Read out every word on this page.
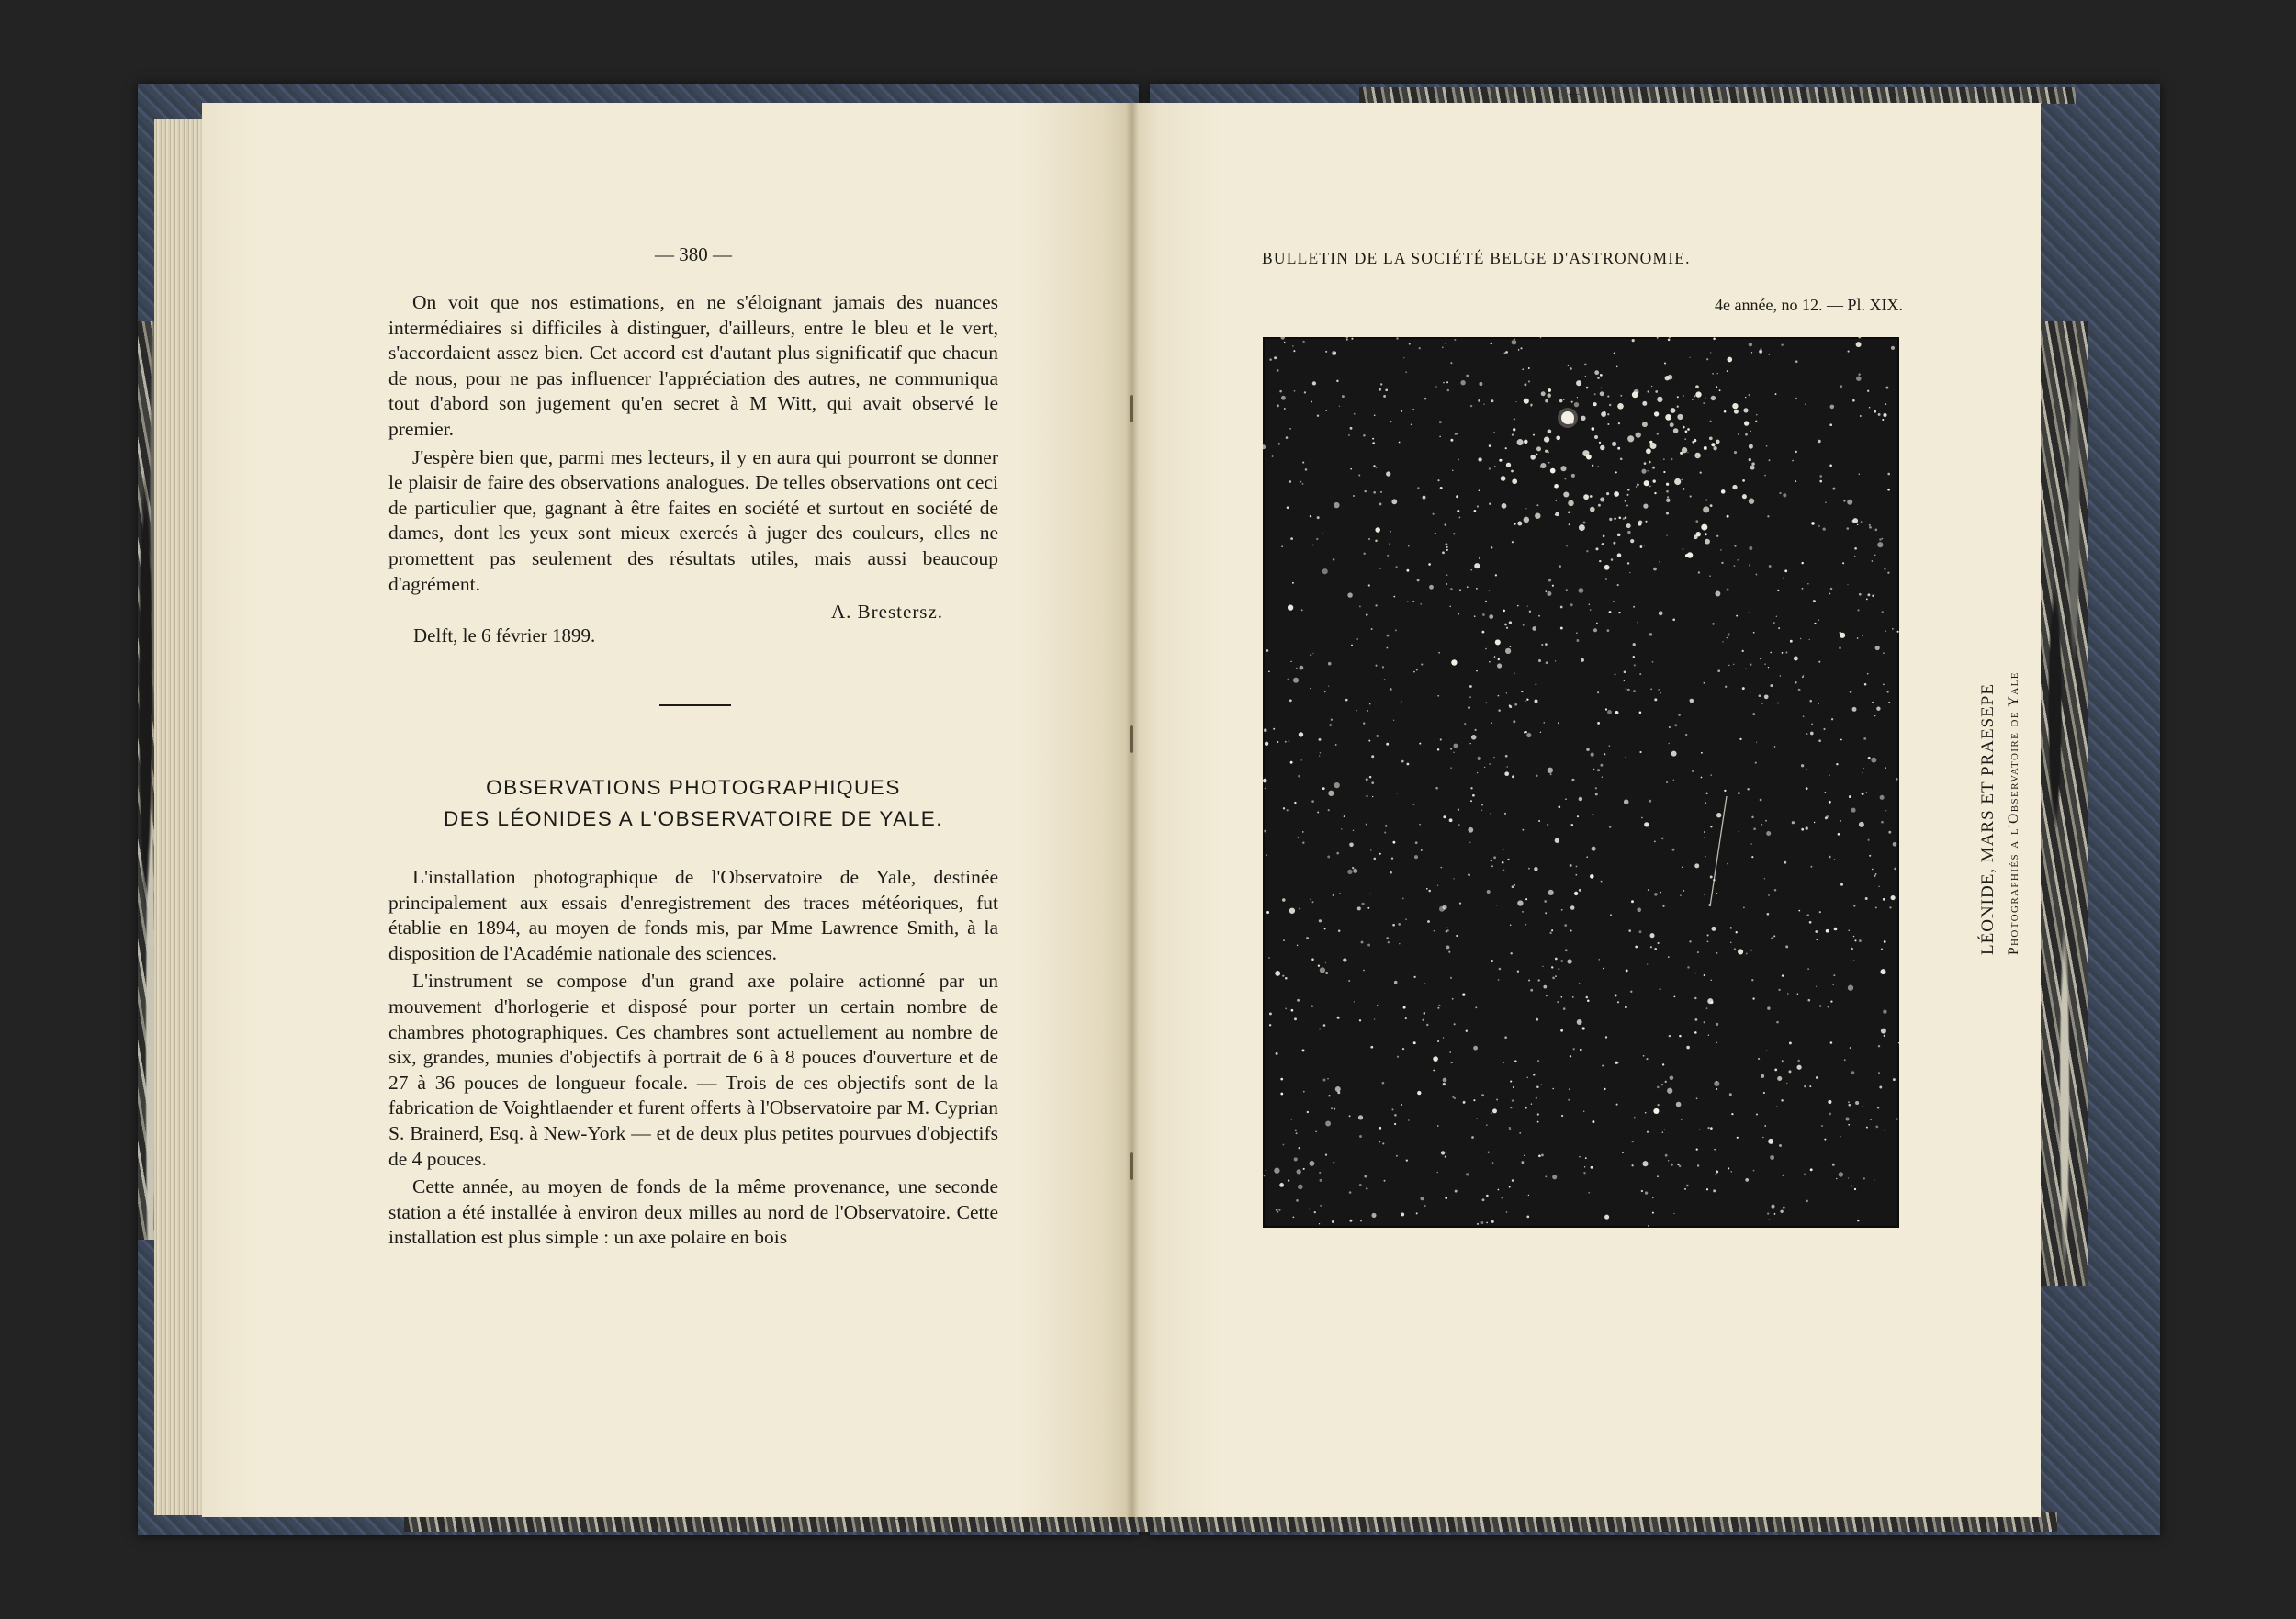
— 380 —

On voit que nos estimations, en ne s'éloignant jamais des nuances intermédiaires si difficiles à distinguer, d'ailleurs, entre le bleu et le vert, s'accordaient assez bien. Cet accord est d'autant plus significatif que chacun de nous, pour ne pas influencer l'appréciation des autres, ne communiqua tout d'abord son jugement qu'en secret à M Witt, qui avait observé le premier.

J'espère bien que, parmi mes lecteurs, il y en aura qui pourront se donner le plaisir de faire des observations analogues. De telles observations ont ceci de particulier que, gagnant à être faites en société et surtout en société de dames, dont les yeux sont mieux exercés à juger des couleurs, elles ne promettent pas seulement des résultats utiles, mais aussi beaucoup d'agrément.

A. Brestersz.
Delft, le 6 février 1899.
OBSERVATIONS PHOTOGRAPHIQUES
DES LÉONIDES A L'OBSERVATOIRE DE YALE.

L'installation photographique de l'Observatoire de Yale, destinée principalement aux essais d'enregistrement des traces météoriques, fut établie en 1894, au moyen de fonds mis, par Mme Lawrence Smith, à la disposition de l'Académie nationale des sciences.

L'instrument se compose d'un grand axe polaire actionné par un mouvement d'horlogerie et disposé pour porter un certain nombre de chambres photographiques. Ces chambres sont actuellement au nombre de six, grandes, munies d'objectifs à portrait de 6 à 8 pouces d'ouverture et de 27 à 36 pouces de longueur focale. — Trois de ces objectifs sont de la fabrication de Voightlaender et furent offerts à l'Observatoire par M. Cyprian S. Brainerd, Esq. à New-York — et de deux plus petites pourvues d'objectifs de 4 pouces.

Cette année, au moyen de fonds de la même provenance, une seconde station a été installée à environ deux milles au nord de l'Observatoire. Cette installation est plus simple : un axe polaire en bois

BULLETIN DE LA SOCIÉTÉ BELGE D'ASTRONOMIE.
4e année, no 12. — Pl. XIX.
LÉONIDE, MARS ET PRAESEPE Photographiés a l'Observatoire de Yale
